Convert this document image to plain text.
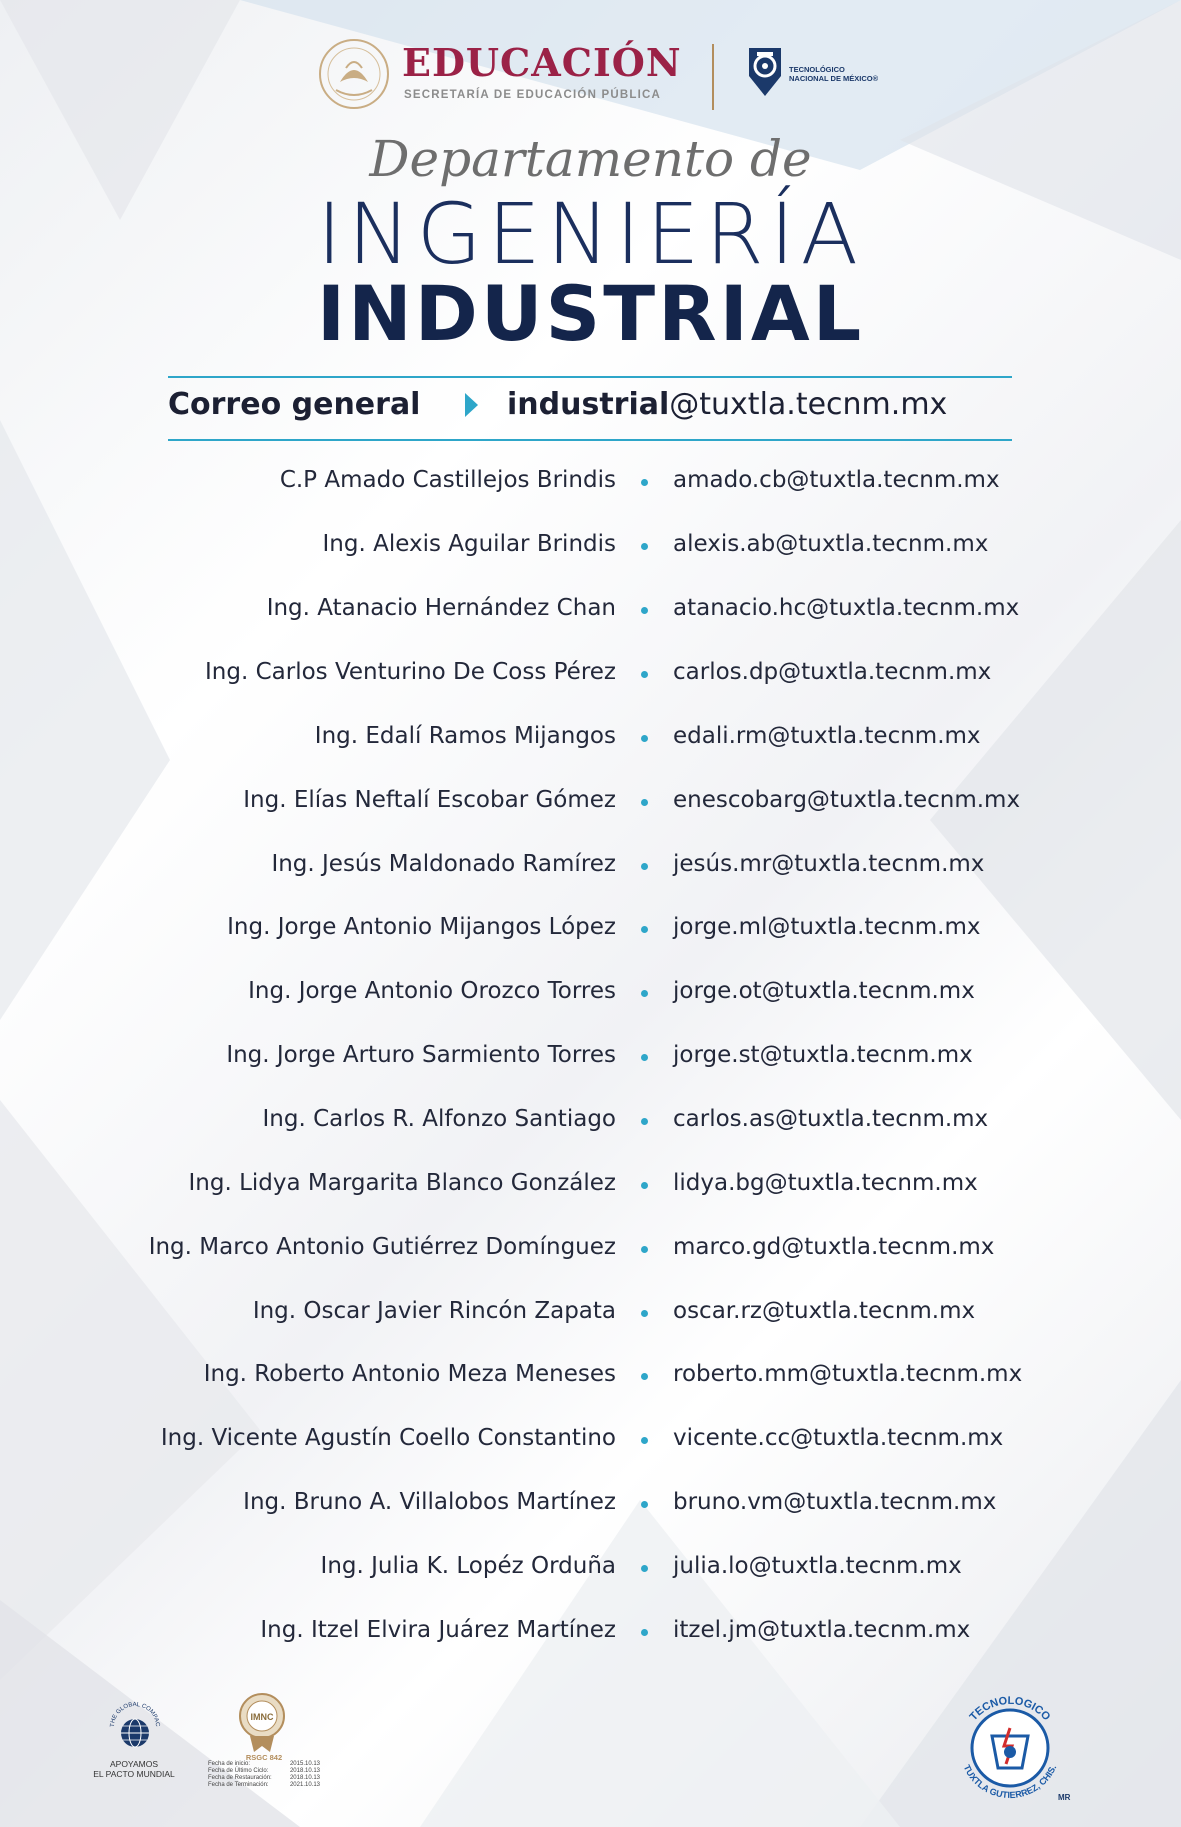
EDUCACIÓN
SECRETARÍA DE EDUCACIÓN PÚBLICA
TECNOLÓGICO
NACIONAL DE MÉXICO®
Departamento de
INGENIERÍA
INDUSTRIAL
Correo general	industrial@tuxtla.tecnm.mx
C.P Amado Castillejos Brindis amado.cb@tuxtla.tecnm.mx
Ing. Alexis Aguilar Brindis alexis.ab@tuxtla.tecnm.mx
Ing. Atanacio Hernández Chan atanacio.hc@tuxtla.tecnm.mx
Ing. Carlos Venturino De Coss Pérez carlos.dp@tuxtla.tecnm.mx
Ing. Edalí Ramos Mijangos edali.rm@tuxtla.tecnm.mx
Ing. Elías Neftalí Escobar Gómez enescobarg@tuxtla.tecnm.mx
Ing. Jesús Maldonado Ramírez jesús.mr@tuxtla.tecnm.mx
Ing. Jorge Antonio Mijangos López jorge.ml@tuxtla.tecnm.mx
Ing. Jorge Antonio Orozco Torres jorge.ot@tuxtla.tecnm.mx
Ing. Jorge Arturo Sarmiento Torres jorge.st@tuxtla.tecnm.mx
Ing. Carlos R. Alfonzo Santiago carlos.as@tuxtla.tecnm.mx
Ing. Lidya Margarita Blanco González lidya.bg@tuxtla.tecnm.mx
Ing. Marco Antonio Gutiérrez Domínguez marco.gd@tuxtla.tecnm.mx
Ing. Oscar Javier Rincón Zapata oscar.rz@tuxtla.tecnm.mx
Ing. Roberto Antonio Meza Meneses roberto.mm@tuxtla.tecnm.mx
Ing. Vicente Agustín Coello Constantino vicente.cc@tuxtla.tecnm.mx
Ing. Bruno A. Villalobos Martínez bruno.vm@tuxtla.tecnm.mx
Ing. Julia K. Lopéz Orduña julia.lo@tuxtla.tecnm.mx
Ing. Itzel Elvira Juárez Martínez itzel.jm@tuxtla.tecnm.mx
THE GLOBAL COMPAC
APOYAMOS
EL PACTO MUNDIAL
IMNC
RSGC 842
Fecha de inicio:	2015.10.13
Fecha de Último Ciclo:	2018.10.13
Fecha de Restauración:	2018.10.13
Fecha de Terminación:	2021.10.13
TECNOLOGICO
TUXTLA GUTIERREZ, CHIS.
MR
